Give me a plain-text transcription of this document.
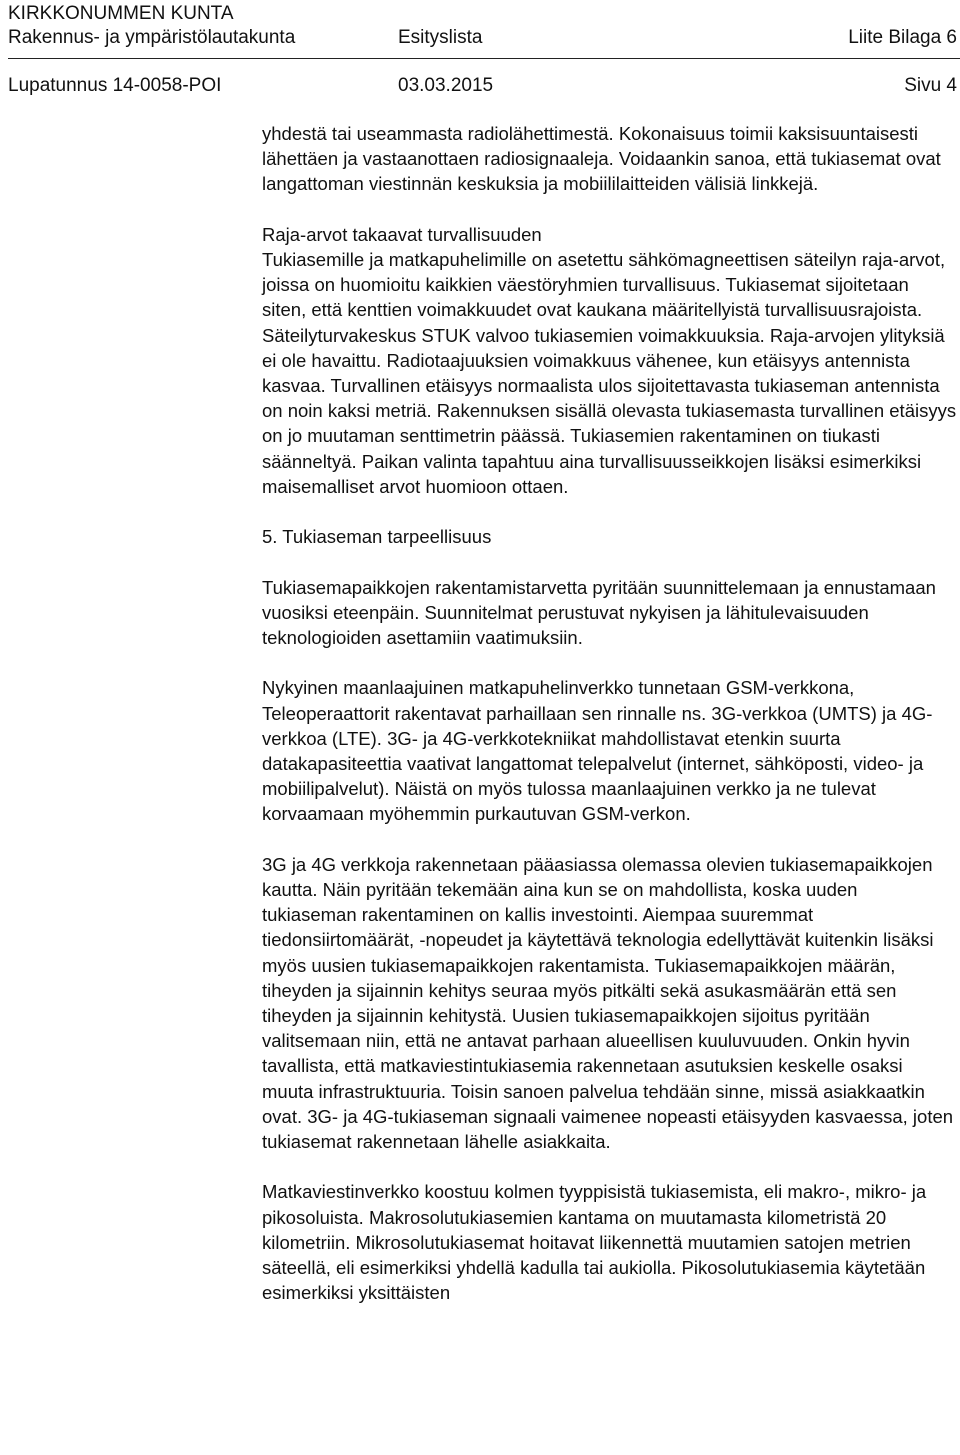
KIRKKONUMMEN KUNTA
Rakennus- ja ympäristölautakunta	Esityslista	Liite Bilaga 6
Lupatunnus 14-0058-POI	03.03.2015	Sivu 4

yhdestä tai useammasta radiolähettimestä. Kokonaisuus toimii kaksisuuntaisesti lähettäen ja vastaanottaen radiosignaaleja. Voidaankin sanoa, että tukiasemat ovat langattoman viestinnän keskuksia ja mobiililaitteiden välisiä linkkejä.

Raja-arvot takaavat turvallisuuden

Tukiasemille ja matkapuhelimille on asetettu sähkömagneettisen säteilyn raja-arvot, joissa on huomioitu kaikkien väestöryhmien turvallisuus. Tukiasemat sijoitetaan siten, että kenttien voimakkuudet ovat kaukana määritellyistä turvallisuusrajoista. Säteilyturvakeskus STUK valvoo tukiasemien voimakkuuksia. Raja-arvojen ylityksiä ei ole havaittu. Radiotaajuuksien voimakkuus vähenee, kun etäisyys antennista kasvaa. Turvallinen etäisyys normaalista ulos sijoitettavasta tukiaseman antennista on noin kaksi metriä. Rakennuksen sisällä olevasta tukiasemasta turvallinen etäisyys on jo muutaman senttimetrin päässä. Tukiasemien rakentaminen on tiukasti säänneltyä. Paikan valinta tapahtuu aina turvallisuusseikkojen lisäksi esimerkiksi maisemalliset arvot huomioon ottaen.

5. Tukiaseman tarpeellisuus

Tukiasemapaikkojen rakentamistarvetta pyritään suunnittelemaan ja ennustamaan vuosiksi eteenpäin. Suunnitelmat perustuvat nykyisen ja lähitulevaisuuden teknologioiden asettamiin vaatimuksiin.

Nykyinen maanlaajuinen matkapuhelinverkko tunnetaan GSM-verkkona, Teleoperaattorit rakentavat parhaillaan sen rinnalle ns. 3G-verkkoa (UMTS) ja 4G-verkkoa (LTE). 3G- ja 4G-verkkotekniikat mahdollistavat etenkin suurta datakapasiteettia vaativat langattomat telepalvelut (internet, sähköposti, video- ja mobiilipalvelut). Näistä on myös tulossa maanlaajuinen verkko ja ne tulevat korvaamaan myöhemmin purkautuvan GSM-verkon.

3G ja 4G verkkoja rakennetaan pääasiassa olemassa olevien tukiasemapaikkojen kautta. Näin pyritään tekemään aina kun se on mahdollista, koska uuden tukiaseman rakentaminen on kallis investointi. Aiempaa suuremmat tiedonsiirtomäärät, -nopeudet ja käytettävä teknologia edellyttävät kuitenkin lisäksi myös uusien tukiasemapaikkojen rakentamista. Tukiasemapaikkojen määrän, tiheyden ja sijainnin kehitys seuraa myös pitkälti sekä asukasmäärän että sen tiheyden ja sijainnin kehitystä. Uusien tukiasemapaikkojen sijoitus pyritään valitsemaan niin, että ne antavat parhaan alueellisen kuuluvuuden. Onkin hyvin tavallista, että matkaviestintukiasemia rakennetaan asutuksien keskelle osaksi muuta infrastruktuuria. Toisin sanoen palvelua tehdään sinne, missä asiakkaatkin ovat. 3G- ja 4G-tukiaseman signaali vaimenee nopeasti etäisyyden kasvaessa, joten tukiasemat rakennetaan lähelle asiakkaita.

Matkaviestinverkko koostuu kolmen tyyppisistä tukiasemista, eli makro-, mikro- ja pikosoluista. Makrosolutukiasemien kantama on muutamasta kilometristä 20 kilometriin. Mikrosolutukiasemat hoitavat liikennettä muutamien satojen metrien säteellä, eli esimerkiksi yhdellä kadulla tai aukiolla. Pikosolutukiasemia käytetään esimerkiksi yksittäisten
